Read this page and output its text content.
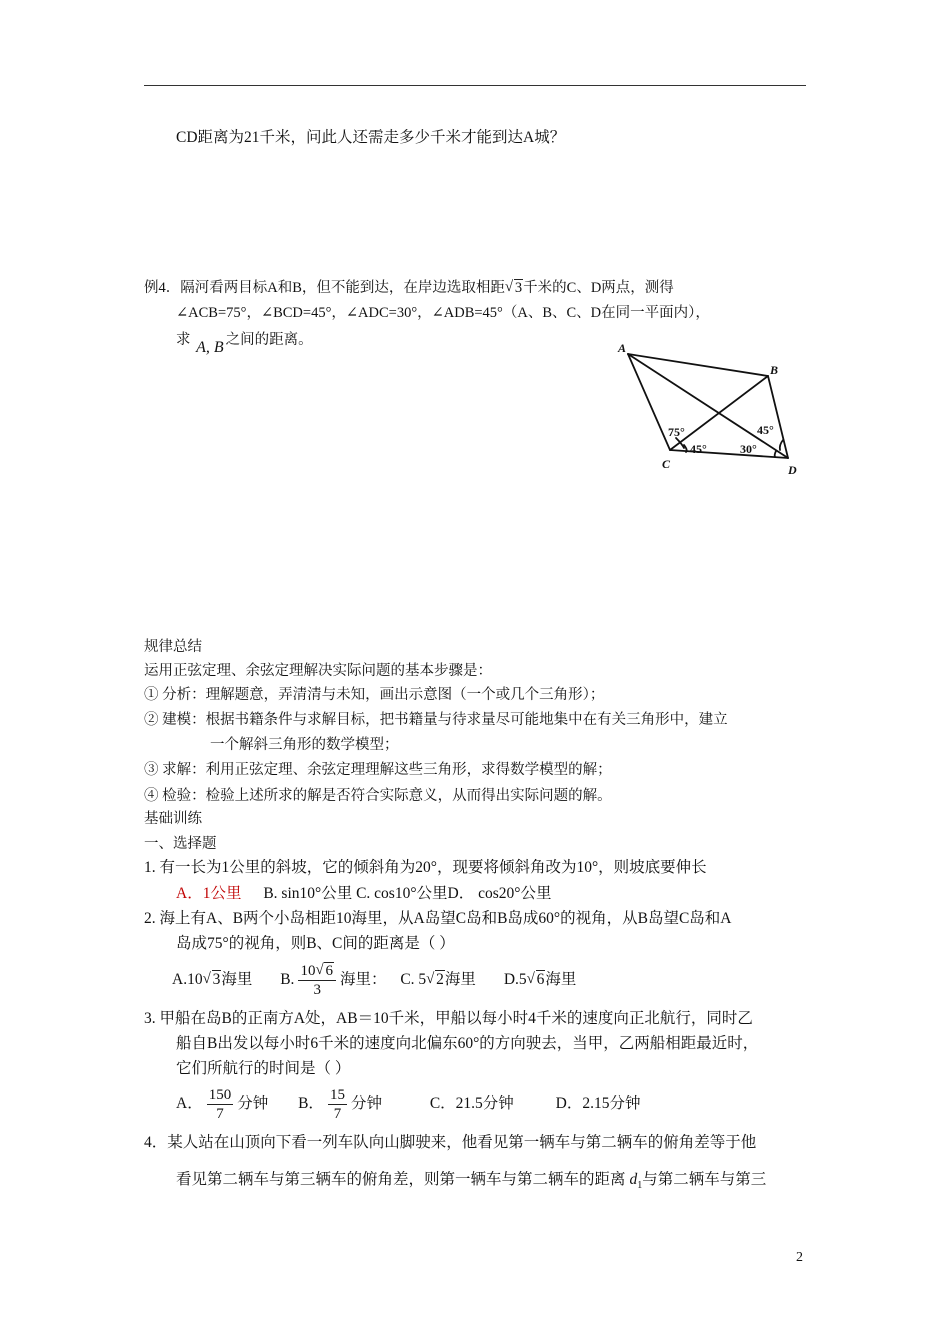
CD距离为21千米，问此人还需走多少千米才能到达A城？
例4．隔河看两目标A和B，但不能到达，在岸边选取相距 √ 3千米的C、D两点，测得
∠ACB=75°，∠BCD=45°，∠ADC=30°，∠ADB=45°（A、B、C、D在同一平面内），
求 A, B 之间的距离。	A
B
C	D
75°
45°
45°
30°
规律总结
运用正弦定理、余弦定理解决实际问题的基本步骤是：
① 分析：理解题意，弄清清与未知，画出示意图（一个或几个三角形）；
② 建模：根据书籍条件与求解目标，把书籍量与待求量尽可能地集中在有关三角形中，建立
一个解斜三角形的数学模型；
③ 求解：利用正弦定理、余弦定理理解这些三角形，求得数学模型的解；
④ 检验：检验上述所求的解是否符合实际意义，从而得出实际问题的解。
基础训练
一、选择题
1. 有一长为1公里的斜坡，它的倾斜角为20°，现要将倾斜角改为10°，则坡底要伸长
A．1公里 B. sin10°公里 C. cos10°公里D． cos20°公里
2. 海上有A、B两个小岛相距10海里，从A岛望C岛和B岛成60°的视角，从B岛望C岛和A
岛成75°的视角，则B、C间的距离是（ ）
A.10 √ 3海里 B. $\frac{10 √ 6}{3}$ 海里： C. 5 √ 2海里 D.5 √ 6海里
3. 甲船在岛B的正南方A处，AB＝10千米，甲船以每小时4千米的速度向正北航行，同时乙
船自B出发以每小时6千米的速度向北偏东60°的方向驶去，当甲，乙两船相距最近时，
它们所航行的时间是（ ）
A． $\frac{150}{7}$ 分钟 B． $\frac{15}{7}$ 分钟	C．21.5分钟	D．2.15分钟
4．某人站在山顶向下看一列车队向山脚驶来，他看见第一辆车与第二辆车的俯角差等于他
看见第二辆车与第三辆车的俯角差，则第一辆车与第二辆车的距离 $d_1$与第二辆车与第三
2
